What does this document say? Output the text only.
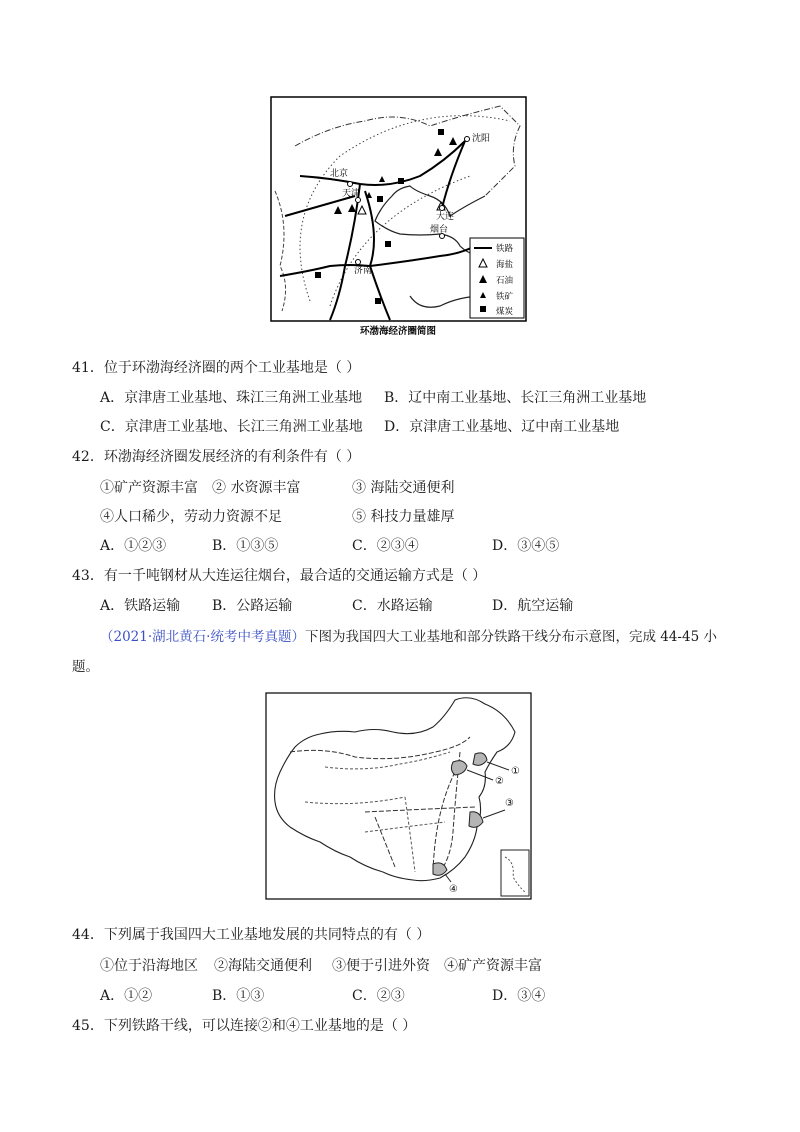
沈阳
北京
天津
大连
烟台
济南
铁路
海盐
石油
铁矿
煤炭
环渤海经济圈简图
41．位于环渤海经济圈的两个工业基地是（ ）
A．京津唐工业基地、珠江三角洲工业基地 B．辽中南工业基地、长江三角洲工业基地
C．京津唐工业基地、长江三角洲工业基地 D．京津唐工业基地、辽中南工业基地
42．环渤海经济圈发展经济的有利条件有（ ）
①矿产资源丰富 ② 水资源丰富	③ 海陆交通便利
④人口稀少，劳动力资源不足	⑤ 科技力量雄厚
A．①②③	B．①③⑤	C．②③④	D．③④⑤
43．有一千吨钢材从大连运往烟台，最合适的交通运输方式是（ ）
A．铁路运输 B．公路运输	C．水路运输	D．航空运输
（2021·湖北黄石·统考中考真题）下图为我国四大工业基地和部分铁路干线分布示意图，完成 44-45 小
题。
①
②
③
④
44．下列属于我国四大工业基地发展的共同特点的有（ ）
①位于沿海地区 ②海陆交通便利 ③便于引进外资 ④矿产资源丰富
A．①②	B．①③	C．②③	D．③④
45．下列铁路干线，可以连接②和④工业基地的是（ ）
